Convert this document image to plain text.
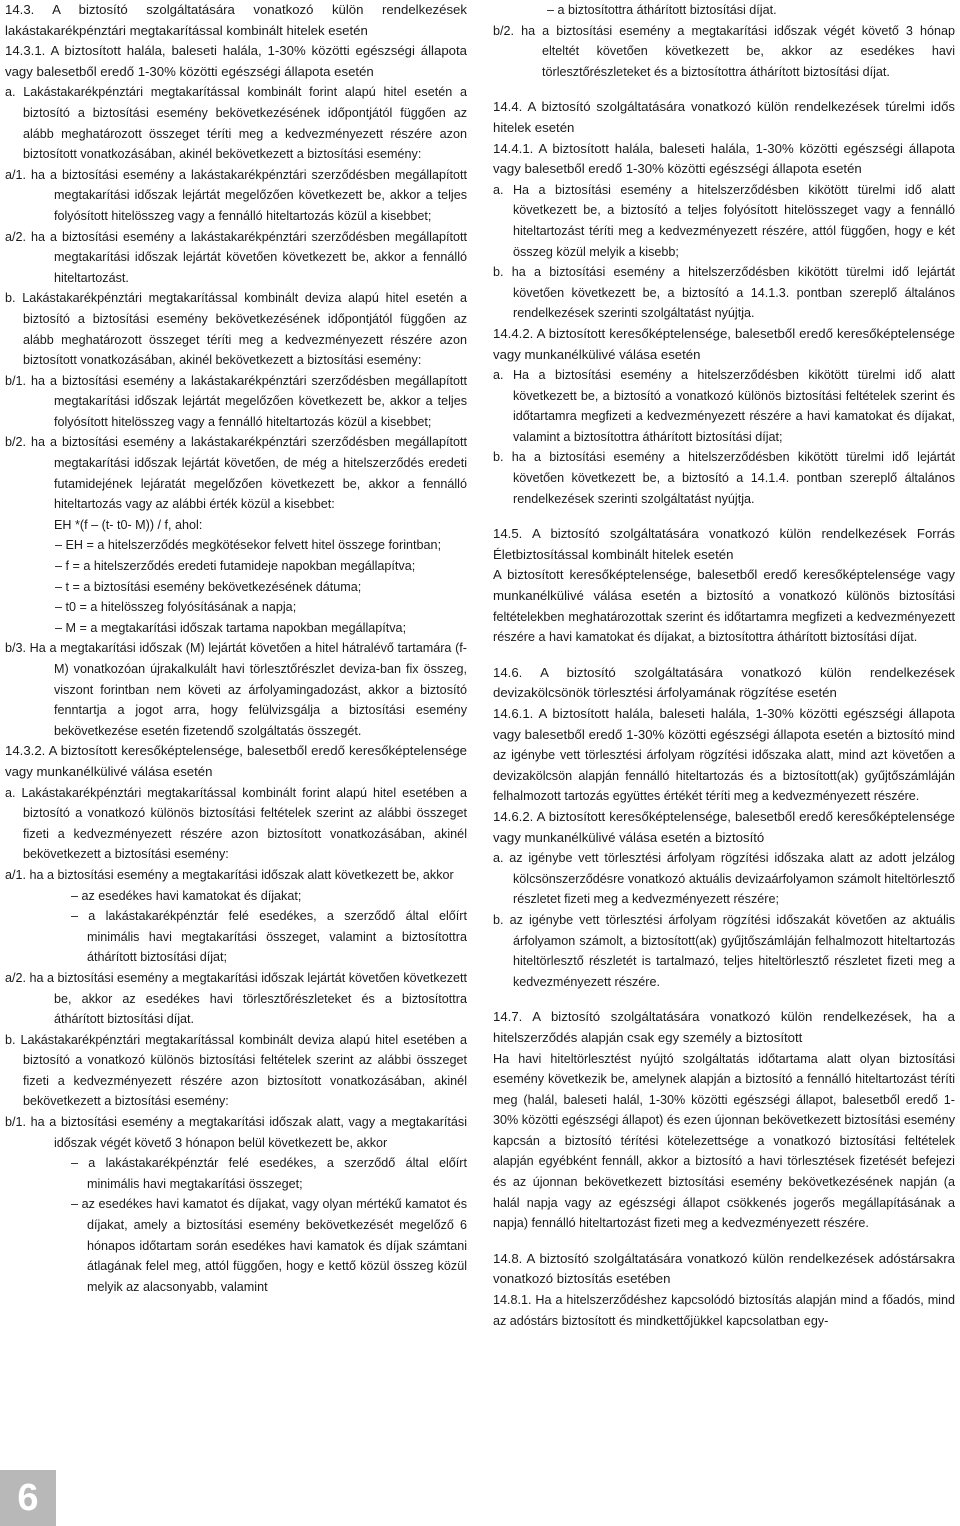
14.3. A biztosító szolgáltatására vonatkozó külön rendelkezések lakástakarékpénztári megtakarítással kombinált hitelek esetén

14.3.1. A biztosított halála, baleseti halála, 1-30% közötti egészségi állapota vagy balesetből eredő 1-30% közötti egészségi állapota esetén

a. Lakástakarékpénztári megtakarítással kombinált forint alapú hitel esetén a biztosító a biztosítási esemény bekövetkezésének időpontjától függően az alább meghatározott összeget téríti meg a kedvezményezett részére azon biztosított vonatkozásában, akinél bekövetkezett a biztosítási esemény:

a/1. ha a biztosítási esemény a lakástakarékpénztári szerződésben megállapított megtakarítási időszak lejártát megelőzően következett be, akkor a teljes folyósított hitelösszeg vagy a fennálló hiteltartozás közül a kisebbet;

a/2. ha a biztosítási esemény a lakástakarékpénztári szerződésben megállapított megtakarítási időszak lejártát követően következett be, akkor a fennálló hiteltartozást.

b. Lakástakarékpénztári megtakarítással kombinált deviza alapú hitel esetén a biztosító a biztosítási esemény bekövetkezésének időpontjától függően az alább meghatározott összeget téríti meg a kedvezményezett részére azon biztosított vonatkozásában, akinél bekövetkezett a biztosítási esemény:

b/1. ha a biztosítási esemény a lakástakarékpénztári szerződésben megállapított megtakarítási időszak lejártát megelőzően következett be, akkor a teljes folyósított hitelösszeg vagy a fennálló hiteltartozás közül a kisebbet;

b/2. ha a biztosítási esemény a lakástakarékpénztári szerződésben megállapított megtakarítási időszak lejártát követően, de még a hitelszerződés eredeti futamidejének lejáratát megelőzően következett be, akkor a fennálló hiteltartozás vagy az alábbi érték közül a kisebbet:

EH *(f – (t- t0- M)) / f, ahol:

– EH = a hitelszerződés megkötésekor felvett hitel összege forintban;

– f = a hitelszerződés eredeti futamideje napokban megállapítva;

– t = a biztosítási esemény bekövetkezésének dátuma;

– t0 = a hitelösszeg folyósításának a napja;

– M = a megtakarítási időszak tartama napokban megállapítva;

b/3. Ha a megtakarítási időszak (M) lejártát követően a hitel hátralévő tartamára (f-M) vonatkozóan újrakalkulált havi törlesztőrészlet deviza-ban fix összeg, viszont forintban nem követi az árfolyamingadozást, akkor a biztosító fenntartja a jogot arra, hogy felülvizsgálja a biztosítási esemény bekövetkezése esetén fizetendő szolgáltatás összegét.

14.3.2. A biztosított keresőképtelensége, balesetből eredő keresőképtelensége vagy munkanélkülivé válása esetén

a. Lakástakarékpénztári megtakarítással kombinált forint alapú hitel esetében a biztosító a vonatkozó különös biztosítási feltételek szerint az alábbi összeget fizeti a kedvezményezett részére azon biztosított vonatkozásában, akinél bekövetkezett a biztosítási esemény:

a/1. ha a biztosítási esemény a megtakarítási időszak alatt következett be, akkor

– az esedékes havi kamatokat és díjakat;

– a lakástakarékpénztár felé esedékes, a szerződő által előírt minimális havi megtakarítási összeget, valamint a biztosítottra áthárított biztosítási díjat;

a/2. ha a biztosítási esemény a megtakarítási időszak lejártát követően következett be, akkor az esedékes havi törlesztőrészleteket és a biztosítottra áthárított biztosítási díjat.

b. Lakástakarékpénztári megtakarítással kombinált deviza alapú hitel esetében a biztosító a vonatkozó különös biztosítási feltételek szerint az alábbi összeget fizeti a kedvezményezett részére azon biztosított vonatkozásában, akinél bekövetkezett a biztosítási esemény:

b/1. ha a biztosítási esemény a megtakarítási időszak alatt, vagy a megtakarítási időszak végét követő 3 hónapon belül következett be, akkor

– a lakástakarékpénztár felé esedékes, a szerződő által előírt minimális havi megtakarítási összeget;

– az esedékes havi kamatot és díjakat, vagy olyan mértékű kamatot és díjakat, amely a biztosítási esemény bekövetkezését megelőző 6 hónapos időtartam során esedékes havi kamatok és díjak számtani átlagának felel meg, attól függően, hogy e kettő közül összeg közül melyik az alacsonyabb, valamint

– a biztosítottra áthárított biztosítási díjat.

b/2. ha a biztosítási esemény a megtakarítási időszak végét követő 3 hónap elteltét követően következett be, akkor az esedékes havi törlesztőrészleteket és a biztosítottra áthárított biztosítási díjat.

14.4. A biztosító szolgáltatására vonatkozó külön rendelkezések túrelmi idős hitelek esetén

14.4.1. A biztosított halála, baleseti halála, 1-30% közötti egészségi állapota vagy balesetből eredő 1-30% közötti egészségi állapota esetén

a. Ha a biztosítási esemény a hitelszerződésben kikötött türelmi idő alatt következett be, a biztosító a teljes folyósított hitelösszeget vagy a fennálló hiteltartozást téríti meg a kedvezményezett részére, attól függően, hogy e két összeg közül melyik a kisebb;

b. ha a biztosítási esemény a hitelszerződésben kikötött türelmi idő lejártát követően következett be, a biztosító a 14.1.3. pontban szereplő általános rendelkezések szerinti szolgáltatást nyújtja.

14.4.2. A biztosított keresőképtelensége, balesetből eredő keresőképtelensége vagy munkanélkülivé válása esetén

a. Ha a biztosítási esemény a hitelszerződésben kikötött türelmi idő alatt következett be, a biztosító a vonatkozó különös biztosítási feltételek szerint és időtartamra megfizeti a kedvezményezett részére a havi kamatokat és díjakat, valamint a biztosítottra áthárított biztosítási díjat;

b. ha a biztosítási esemény a hitelszerződésben kikötött türelmi idő lejártát követően következett be, a biztosító a 14.1.4. pontban szereplő általános rendelkezések szerinti szolgáltatást nyújtja.

14.5. A biztosító szolgáltatására vonatkozó külön rendelkezések Forrás Életbiztosítással kombinált hitelek esetén

A biztosított keresőképtelensége, balesetből eredő keresőképtelensége vagy munkanélkülivé válása esetén a biztosító a vonatkozó különös biztosítási feltételekben meghatározottak szerint és időtartamra megfizeti a kedvezményezett részére a havi kamatokat és díjakat, a biztosítottra áthárított biztosítási díjat.

14.6. A biztosító szolgáltatására vonatkozó külön rendelkezések devizakölcsönök törlesztési árfolyamának rögzítése esetén

14.6.1. A biztosított halála, baleseti halála, 1-30% közötti egészségi állapota vagy balesetből eredő 1-30% közötti egészségi állapota esetén a biztosító mind az igénybe vett törlesztési árfolyam rögzítési időszaka alatt, mind azt követően a devizakölcsön alapján fennálló hiteltartozás és a biztosított(ak) gyűjtőszámláján felhalmozott tartozás együttes értékét téríti meg a kedvezményezett részére.

14.6.2. A biztosított keresőképtelensége, balesetből eredő keresőképtelensége vagy munkanélkülivé válása esetén a biztosító

a. az igénybe vett törlesztési árfolyam rögzítési időszaka alatt az adott jelzálog kölcsönszerződésre vonatkozó aktuális devizaárfolyamon számolt hiteltörlesztő részletet fizeti meg a kedvezményezett részére;

b. az igénybe vett törlesztési árfolyam rögzítési időszakát követően az aktuális árfolyamon számolt, a biztosított(ak) gyűjtőszámláján felhalmozott hiteltartozás hiteltörlesztő részletét is tartalmazó, teljes hiteltörlesztő részletet fizeti meg a kedvezményezett részére.

14.7. A biztosító szolgáltatására vonatkozó külön rendelkezések, ha a hitelszerződés alapján csak egy személy a biztosított

Ha havi hiteltörlesztést nyújtó szolgáltatás időtartama alatt olyan biztosítási esemény következik be, amelynek alapján a biztosító a fennálló hiteltartozást téríti meg (halál, baleseti halál, 1-30% közötti egészségi állapot, balesetből eredő 1-30% közötti egészségi állapot) és ezen újonnan bekövetkezett biztosítási esemény kapcsán a biztosító térítési kötelezettsége a vonatkozó biztosítási feltételek alapján egyébként fennáll, akkor a biztosító a havi törlesztések fizetését befejezi és az újonnan bekövetkezett biztosítási esemény bekövetkezésének napján (a halál napja vagy az egészségi állapot csökkenés jogerős megállapításának a napja) fennálló hiteltartozást fizeti meg a kedvezményezett részére.

14.8. A biztosító szolgáltatására vonatkozó külön rendelkezések adóstársakra vonatkozó biztosítás esetében

14.8.1. Ha a hitelszerződéshez kapcsolódó biztosítás alapján mind a főadós, mind az adóstárs biztosított és mindkettőjükkel kapcsolatban egy-

6
